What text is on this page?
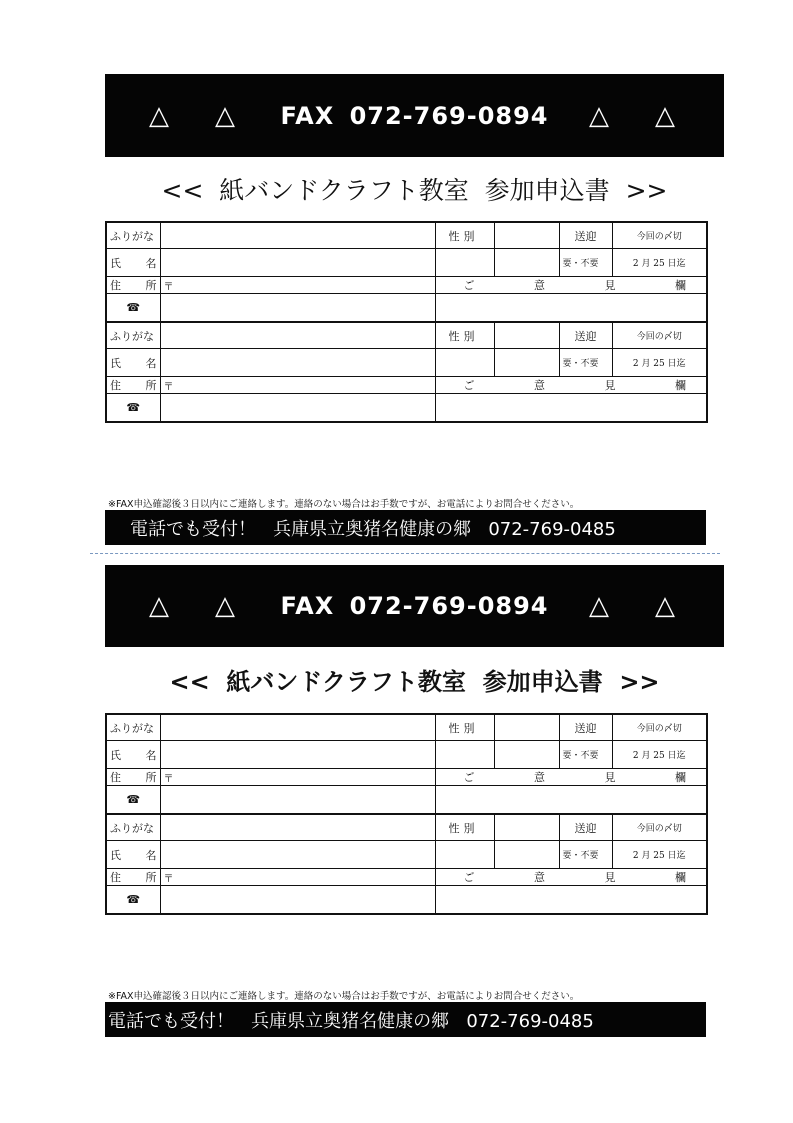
△ △	FAX 072-769-0894	△ △
<<  紙バンドクラフト教室  参加申込書  >>
ふりがな		性 別		送迎	今回の〆切

氏 名				要・不要	2 月 25 日迄

住 所	〒	ご 意 見 欄			

☎					
ふりがな		性 別		送迎	今回の〆切

氏 名				要・不要	2 月 25 日迄

住 所	〒	ご 意 見 欄			

☎					
※FAX申込確認後３日以内にご連絡します。連絡のない場合はお手数ですが、お電話によりお問合せください。
電話でも受付！   兵庫県立奥猪名健康の郷   072-769-0485
△ △	FAX 072-769-0894	△ △
<<  紙バンドクラフト教室  参加申込書  >>
ふりがな		性 別		送迎	今回の〆切

氏 名				要・不要	2 月 25 日迄

住 所	〒	ご 意 見 欄			

☎					
ふりがな		性 別		送迎	今回の〆切

氏 名				要・不要	2 月 25 日迄

住 所	〒	ご 意 見 欄			

☎					
※FAX申込確認後３日以内にご連絡します。連絡のない場合はお手数ですが、お電話によりお問合せください。
電話でも受付！   兵庫県立奥猪名健康の郷   072-769-0485
